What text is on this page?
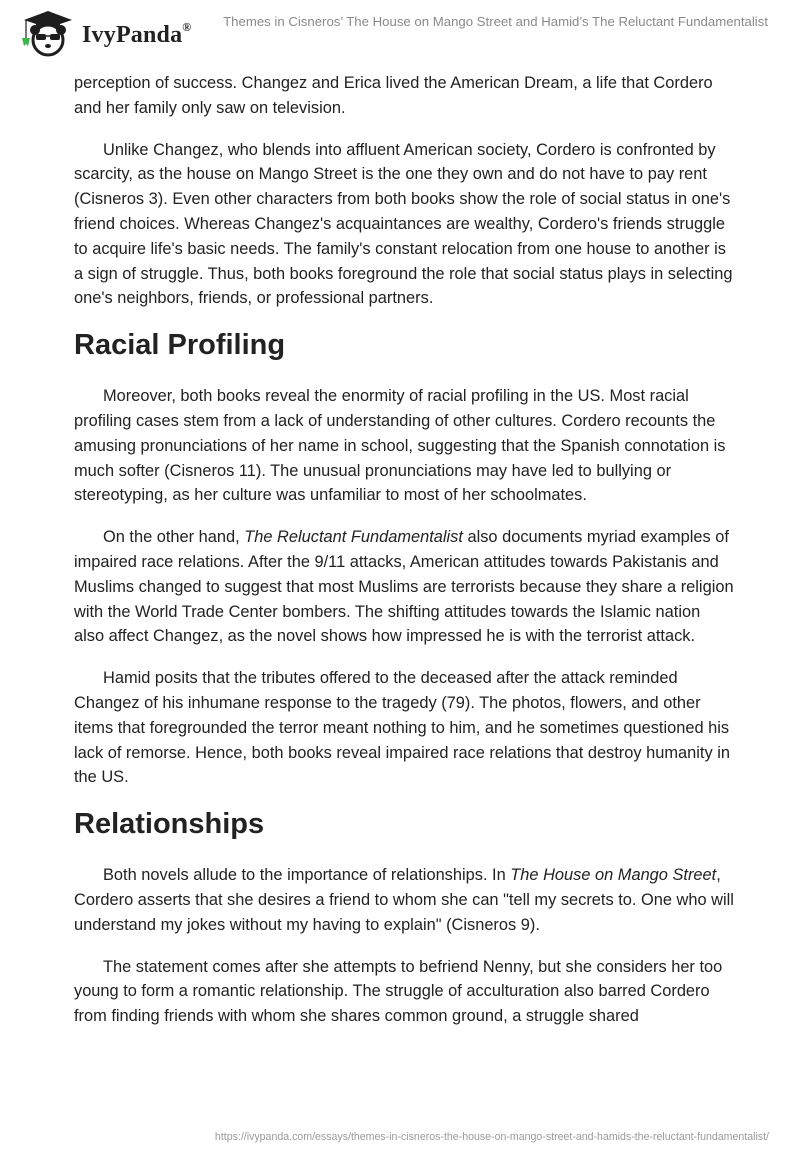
IvyPanda® Themes in Cisneros’ The House on Mango Street and Hamid’s The Reluctant Fundamentalist

perception of success. Changez and Erica lived the American Dream, a life that Cordero and her family only saw on television.

Unlike Changez, who blends into affluent American society, Cordero is confronted by scarcity, as the house on Mango Street is the one they own and do not have to pay rent (Cisneros 3). Even other characters from both books show the role of social status in one's friend choices. Whereas Changez's acquaintances are wealthy, Cordero's friends struggle to acquire life's basic needs. The family's constant relocation from one house to another is a sign of struggle. Thus, both books foreground the role that social status plays in selecting one's neighbors, friends, or professional partners.

Racial Profiling

Moreover, both books reveal the enormity of racial profiling in the US. Most racial profiling cases stem from a lack of understanding of other cultures. Cordero recounts the amusing pronunciations of her name in school, suggesting that the Spanish connotation is much softer (Cisneros 11). The unusual pronunciations may have led to bullying or stereotyping, as her culture was unfamiliar to most of her schoolmates.

On the other hand, The Reluctant Fundamentalist also documents myriad examples of impaired race relations. After the 9/11 attacks, American attitudes towards Pakistanis and Muslims changed to suggest that most Muslims are terrorists because they share a religion with the World Trade Center bombers. The shifting attitudes towards the Islamic nation also affect Changez, as the novel shows how impressed he is with the terrorist attack.

Hamid posits that the tributes offered to the deceased after the attack reminded Changez of his inhumane response to the tragedy (79). The photos, flowers, and other items that foregrounded the terror meant nothing to him, and he sometimes questioned his lack of remorse. Hence, both books reveal impaired race relations that destroy humanity in the US.

Relationships

Both novels allude to the importance of relationships. In The House on Mango Street, Cordero asserts that she desires a friend to whom she can "tell my secrets to. One who will understand my jokes without my having to explain" (Cisneros 9).

The statement comes after she attempts to befriend Nenny, but she considers her too young to form a romantic relationship. The struggle of acculturation also barred Cordero from finding friends with whom she shares common ground, a struggle shared

https://ivypanda.com/essays/themes-in-cisneros-the-house-on-mango-street-and-hamids-the-reluctant-fundamentalist/
